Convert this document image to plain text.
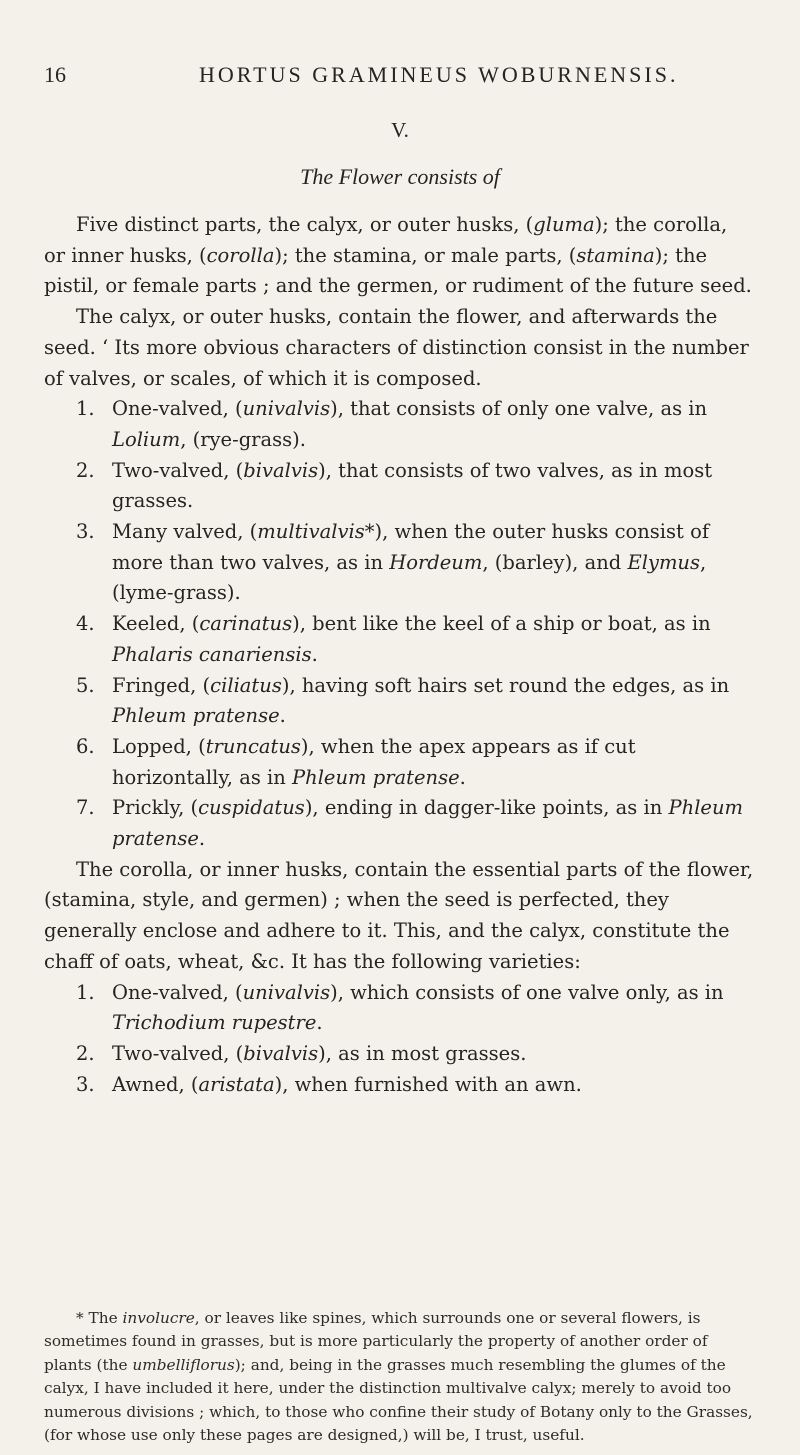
16	HORTUS GRAMINEUS WOBURNENSIS.
V.
The Flower consists of

Five distinct parts, the calyx, or outer husks, (gluma); the corolla, or inner husks, (corolla); the stamina, or male parts, (stamina); the pistil, or female parts ; and the germen, or rudiment of the future seed.

The calyx, or outer husks, contain the flower, and afterwards the seed. ‘ Its more obvious characters of distinction consist in the number of valves, or scales, of which it is composed.

1. One-valved, (univalvis), that consists of only one valve, as in Lolium, (rye-grass).
2. Two-valved, (bivalvis), that consists of two valves, as in most grasses.
3. Many valved, (multivalvis*), when the outer husks consist of more than two valves, as in Hordeum, (barley), and Elymus, (lyme-grass).
4. Keeled, (carinatus), bent like the keel of a ship or boat, as in Phalaris canariensis.
5. Fringed, (ciliatus), having soft hairs set round the edges, as in Phleum pratense.
6. Lopped, (truncatus), when the apex appears as if cut horizontally, as in Phleum pratense.
7. Prickly, (cuspidatus), ending in dagger-like points, as in Phleum pratense.

The corolla, or inner husks, contain the essential parts of the flower, (stamina, style, and germen) ; when the seed is perfected, they generally enclose and adhere to it. This, and the calyx, constitute the chaff of oats, wheat, &c. It has the following varieties:

1. One-valved, (univalvis), which consists of one valve only, as in Trichodium rupestre.
2. Two-valved, (bivalvis), as in most grasses.
3. Awned, (aristata), when furnished with an awn.

* The involucre, or leaves like spines, which surrounds one or several flowers, is sometimes found in grasses, but is more particularly the property of another order of plants (the umbelliflorus); and, being in the grasses much resembling the glumes of the calyx, I have included it here, under the distinction multivalve calyx; merely to avoid too numerous divisions ; which, to those who confine their study of Botany only to the Grasses, (for whose use only these pages are designed,) will be, I trust, useful.
